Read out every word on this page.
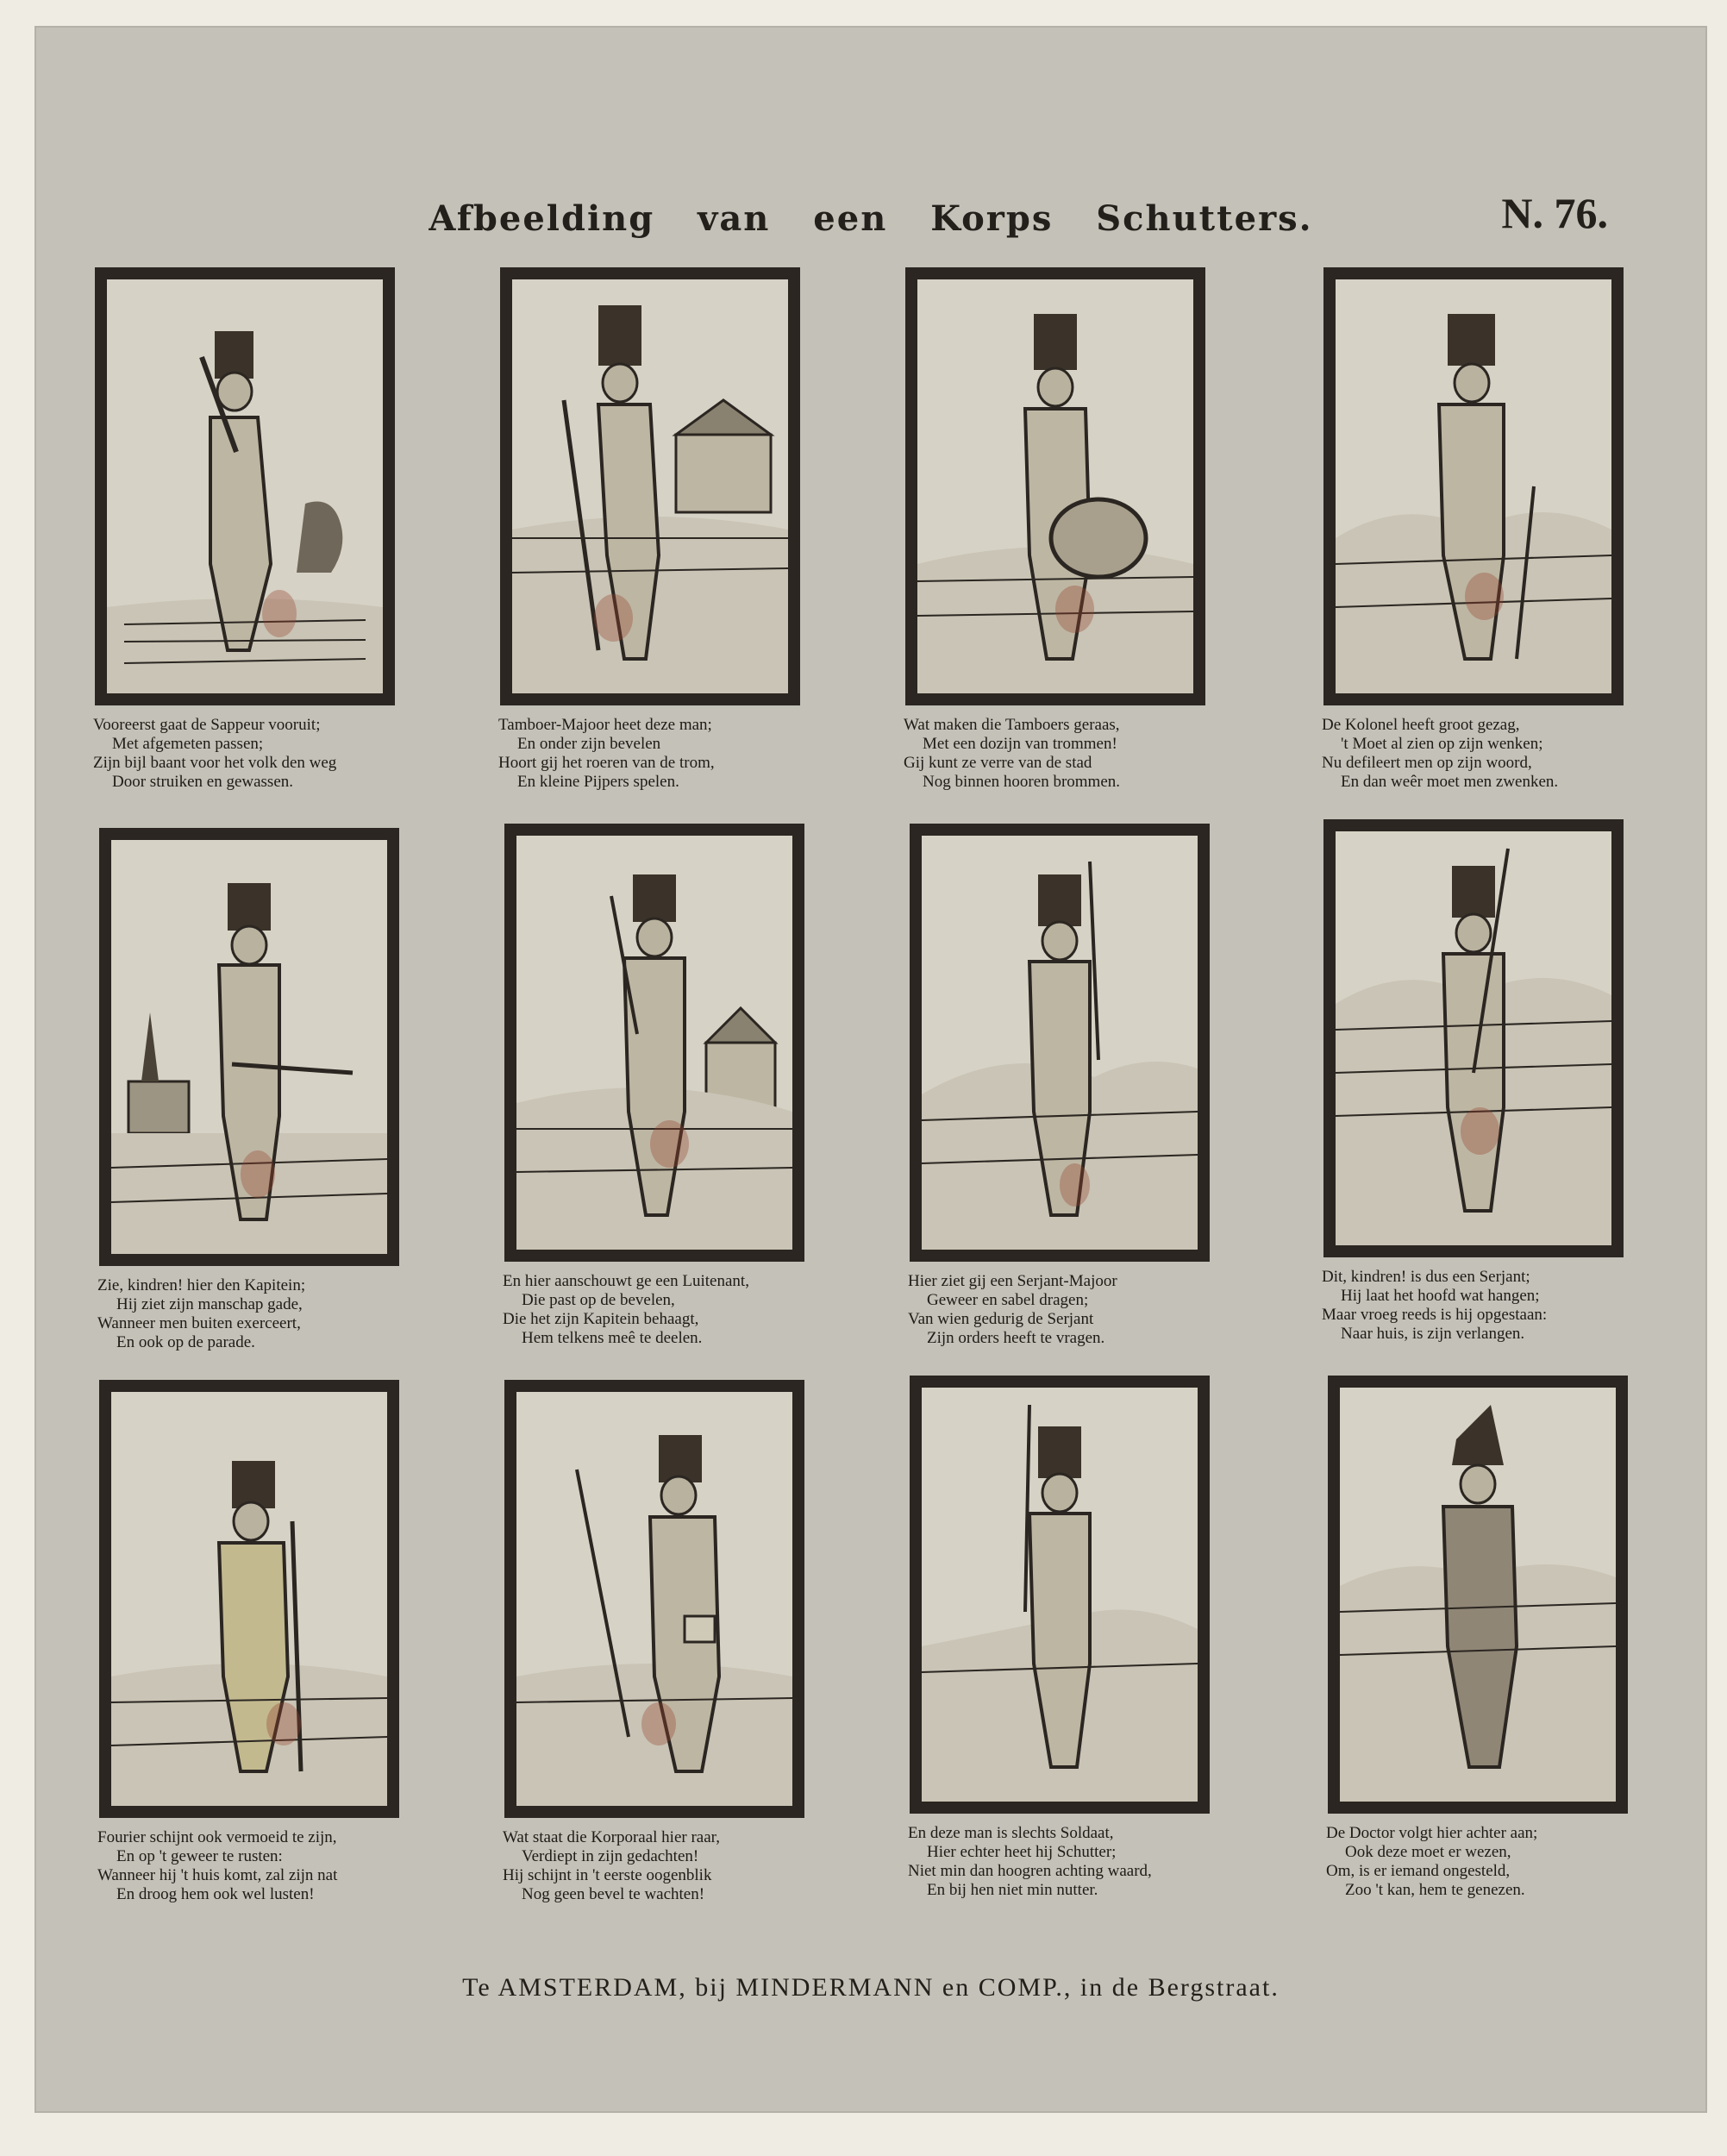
Afbeelding van een Korps Schutters.	N. 76.
Vooreerst gaat de Sappeur vooruit;
Met afgemeten passen;
Zijn bijl baant voor het volk den weg
Door struiken en gewassen.
Tamboer-Majoor heet deze man;
En onder zijn bevelen
Hoort gij het roeren van de trom,
En kleine Pijpers spelen.
Wat maken die Tamboers geraas,
Met een dozijn van trommen!
Gij kunt ze verre van de stad
Nog binnen hooren brommen.
De Kolonel heeft groot gezag,
't Moet al zien op zijn wenken;
Nu defileert men op zijn woord,
En dan weêr moet men zwenken.
Zie, kindren! hier den Kapitein;
Hij ziet zijn manschap gade,
Wanneer men buiten exerceert,
En ook op de parade.
En hier aanschouwt ge een Luitenant,
Die past op de bevelen,
Die het zijn Kapitein behaagt,
Hem telkens meê te deelen.
Hier ziet gij een Serjant-Majoor
Geweer en sabel dragen;
Van wien gedurig de Serjant
Zijn orders heeft te vragen.
Dit, kindren! is dus een Serjant;
Hij laat het hoofd wat hangen;
Maar vroeg reeds is hij opgestaan:
Naar huis, is zijn verlangen.
Fourier schijnt ook vermoeid te zijn,
En op 't geweer te rusten:
Wanneer hij 't huis komt, zal zijn nat
En droog hem ook wel lusten!
Wat staat die Korporaal hier raar,
Verdiept in zijn gedachten!
Hij schijnt in 't eerste oogenblik
Nog geen bevel te wachten!
En deze man is slechts Soldaat,
Hier echter heet hij Schutter;
Niet min dan hoogren achting waard,
En bij hen niet min nutter.
De Doctor volgt hier achter aan;
Ook deze moet er wezen,
Om, is er iemand ongesteld,
Zoo 't kan, hem te genezen.
Te AMSTERDAM, bij MINDERMANN en COMP., in de Bergstraat.
